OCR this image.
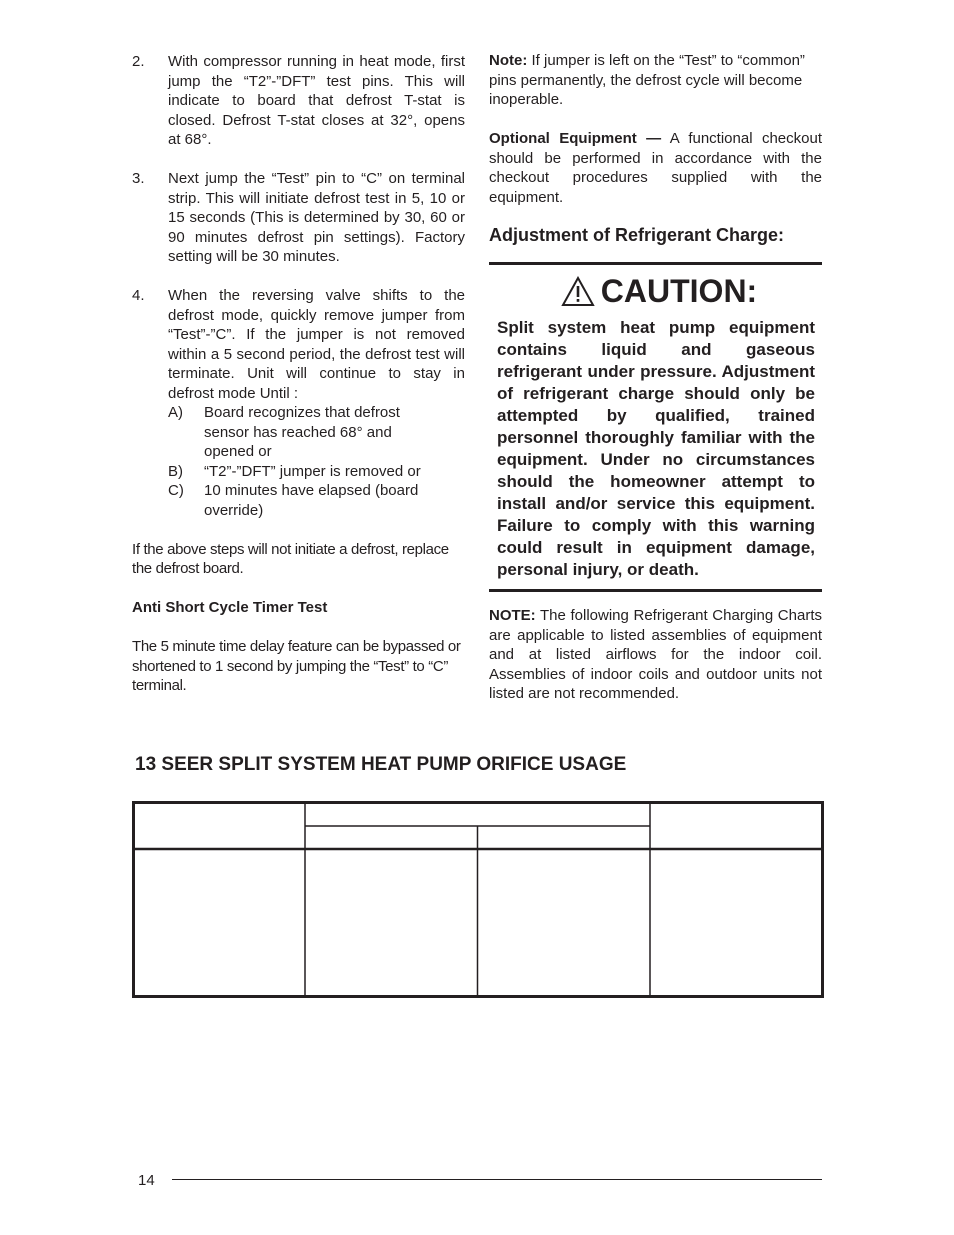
2.	With compressor running in heat mode, first jump the “T2”-”DFT” test pins. This will indicate to board that defrost T-stat is closed. Defrost T-stat closes at 32°, opens at 68°.
3.	Next jump the “Test” pin to “C” on terminal strip. This will initiate defrost test in 5, 10 or 15 seconds (This is determined by 30, 60 or 90 minutes defrost pin settings). Factory setting will be 30 minutes.
4.	When the reversing valve shifts to the defrost mode, quickly remove jumper from “Test”-”C”. If the jumper is not removed within a 5 second period, the defrost test will terminate. Unit will continue to stay in defrost mode Until :
A)	Board recognizes that defrost sensor has reached 68° and opened or
B)	“T2”-”DFT” jumper is removed or
C)	10 minutes have elapsed (board override)

If the above steps will not initiate a defrost, replace the defrost board.

Anti Short Cycle Timer Test

The 5 minute time delay feature can be bypassed or shortened to 1 second by jumping the “Test” to “C” terminal.

Note: If jumper is left on the “Test” to “common” pins permanently, the defrost cycle will become inoperable.

Optional Equipment — A functional checkout should be performed in accordance with the checkout procedures supplied with the equipment.

Adjustment of Refrigerant Charge:

CAUTION:

Split system heat pump equipment contains liquid and gaseous refrigerant under pressure. Adjustment of refrigerant charge should only be attempted by qualified, trained personnel thoroughly familiar with the equipment. Under no circumstances should the homeowner attempt to install and/or service this equipment. Failure to comply with this warning could result in equipment damage, personal injury, or death.

NOTE: The following Refrigerant Charging Charts are applicable to listed assemblies of equipment and at listed airflows for the indoor coil. Assemblies of indoor coils and outdoor units not listed are not recommended.

13 SEER SPLIT SYSTEM HEAT PUMP ORIFICE USAGE
14
